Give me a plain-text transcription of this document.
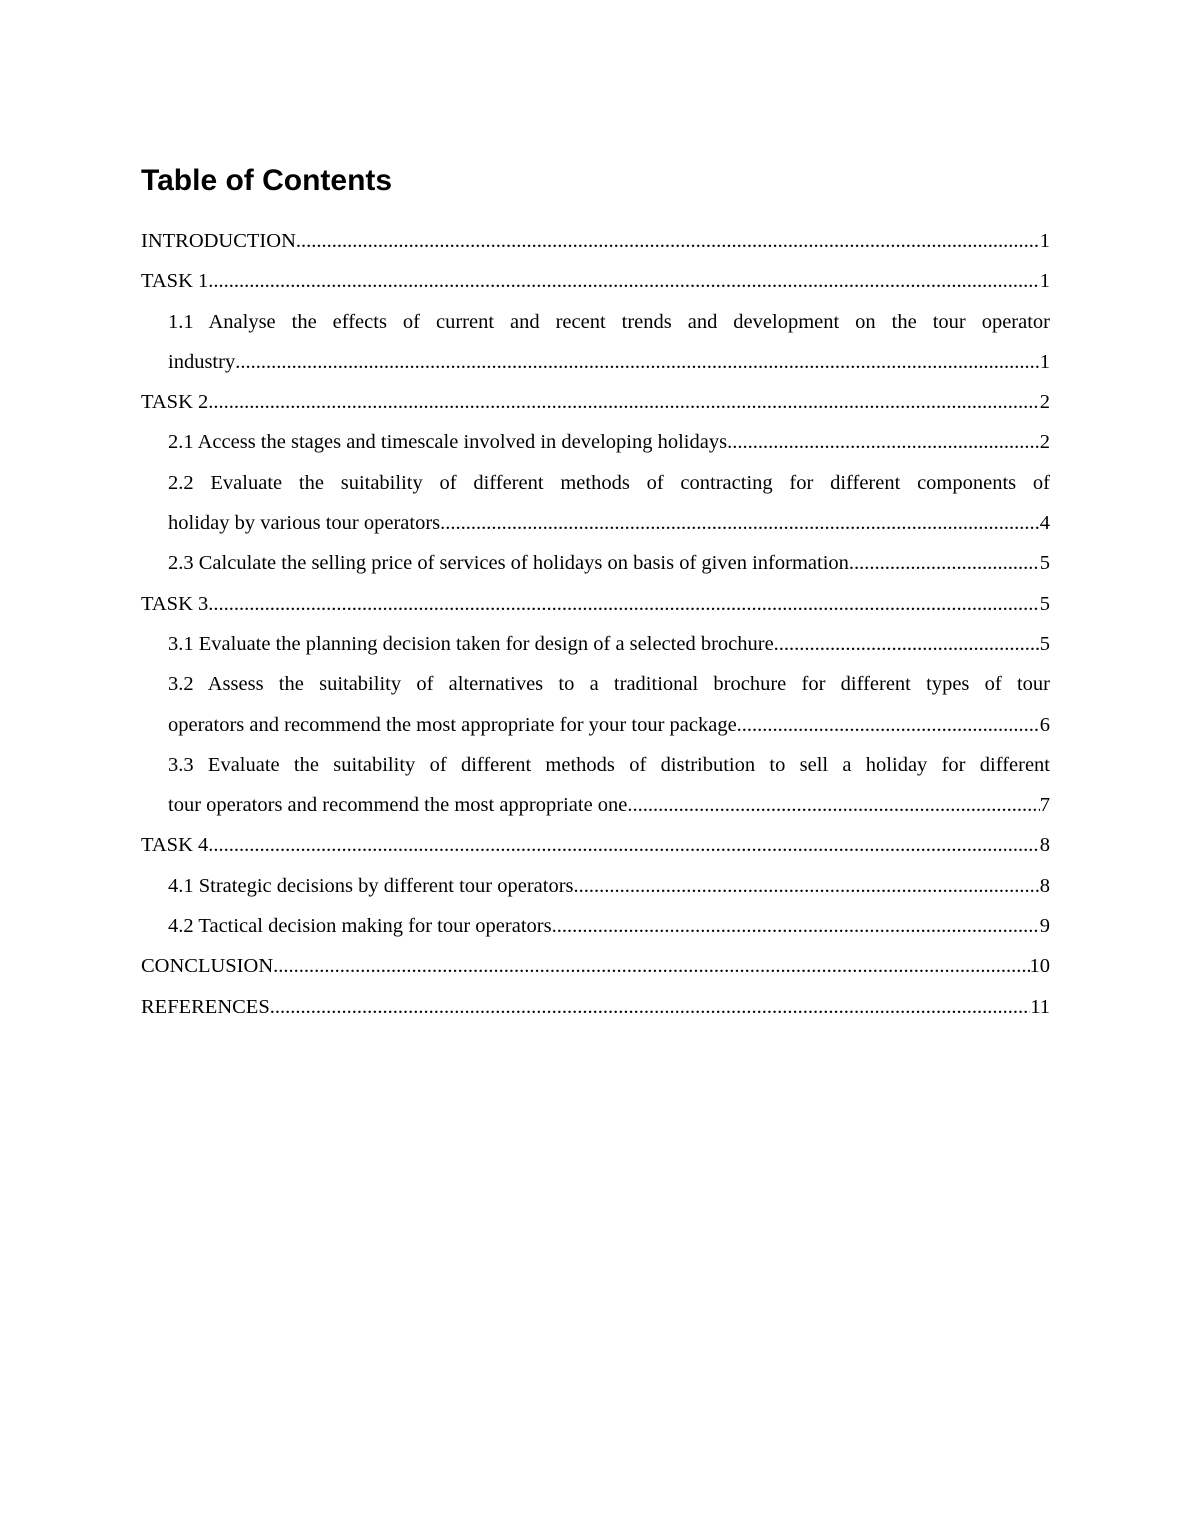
Table of Contents
INTRODUCTION .....	1
TASK 1 .....	1
1.1 Analyse the effects of current and recent trends and development on the tour operator
industry .....	1
TASK 2 .....	2
2.1 Access the stages and timescale involved in developing holidays .....	2
2.2 Evaluate the suitability of different methods of contracting for different components of
holiday by various tour operators .....	4
2.3 Calculate the selling price of services of holidays on basis of given information .....	5
TASK 3 .....	5
3.1 Evaluate the planning decision taken for design of a selected brochure .....	5
3.2 Assess the suitability of alternatives to a traditional brochure for different types of tour
operators and recommend the most appropriate for your tour package .....	6
3.3 Evaluate the suitability of different methods of distribution to sell a holiday for different
tour operators and recommend the most appropriate one .....	7
TASK 4 .....	8
4.1 Strategic decisions by different tour operators .....	8
4.2 Tactical decision making for tour operators .....	9
CONCLUSION .....	10
REFERENCES .....	11
